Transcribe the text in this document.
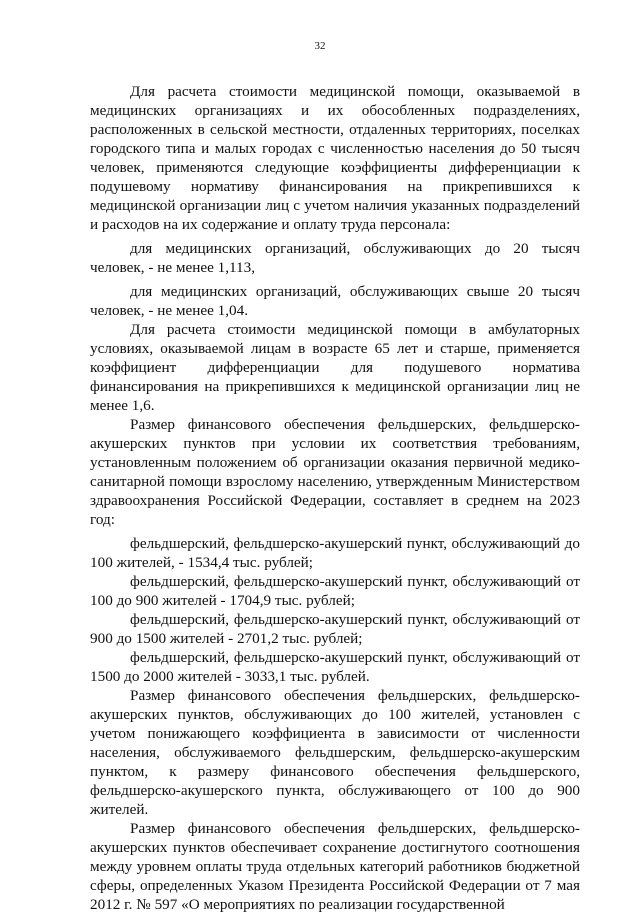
32

Для расчета стоимости медицинской помощи, оказываемой в медицинских организациях и их обособленных подразделениях, расположенных в сельской местности, отдаленных территориях, поселках городского типа и малых городах с численностью населения до 50 тысяч человек, применяются следующие коэффициенты дифференциации к подушевому нормативу финансирования на прикрепившихся к медицинской организации лиц с учетом наличия указанных подразделений и расходов на их содержание и оплату труда персонала:

для медицинских организаций, обслуживающих до 20 тысяч человек, - не менее 1,113,

для медицинских организаций, обслуживающих свыше 20 тысяч человек, - не менее 1,04.

Для расчета стоимости медицинской помощи в амбулаторных условиях, оказываемой лицам в возрасте 65 лет и старше, применяется коэффициент дифференциации для подушевого норматива финансирования на прикрепившихся к медицинской организации лиц не менее 1,6.

Размер финансового обеспечения фельдшерских, фельдшерско-акушерских пунктов при условии их соответствия требованиям, установленным положением об организации оказания первичной медико-санитарной помощи взрослому населению, утвержденным Министерством здравоохранения Российской Федерации, составляет в среднем на 2023 год:

фельдшерский, фельдшерско-акушерский пункт, обслуживающий до 100 жителей, - 1534,4 тыс. рублей;

фельдшерский, фельдшерско-акушерский пункт, обслуживающий от 100 до 900 жителей - 1704,9 тыс. рублей;

фельдшерский, фельдшерско-акушерский пункт, обслуживающий от 900 до 1500 жителей - 2701,2 тыс. рублей;

фельдшерский, фельдшерско-акушерский пункт, обслуживающий от 1500 до 2000 жителей - 3033,1 тыс. рублей.

Размер финансового обеспечения фельдшерских, фельдшерско-акушерских пунктов, обслуживающих до 100 жителей, установлен с учетом понижающего коэффициента в зависимости от численности населения, обслуживаемого фельдшерским, фельдшерско-акушерским пунктом, к размеру финансового обеспечения фельдшерского, фельдшерско-акушерского пункта, обслуживающего от 100 до 900 жителей.

Размер финансового обеспечения фельдшерских, фельдшерско-акушерских пунктов обеспечивает сохранение достигнутого соотношения между уровнем оплаты труда отдельных категорий работников бюджетной сферы, определенных Указом Президента Российской Федерации от 7 мая 2012 г. № 597 «О мероприятиях по реализации государственной
